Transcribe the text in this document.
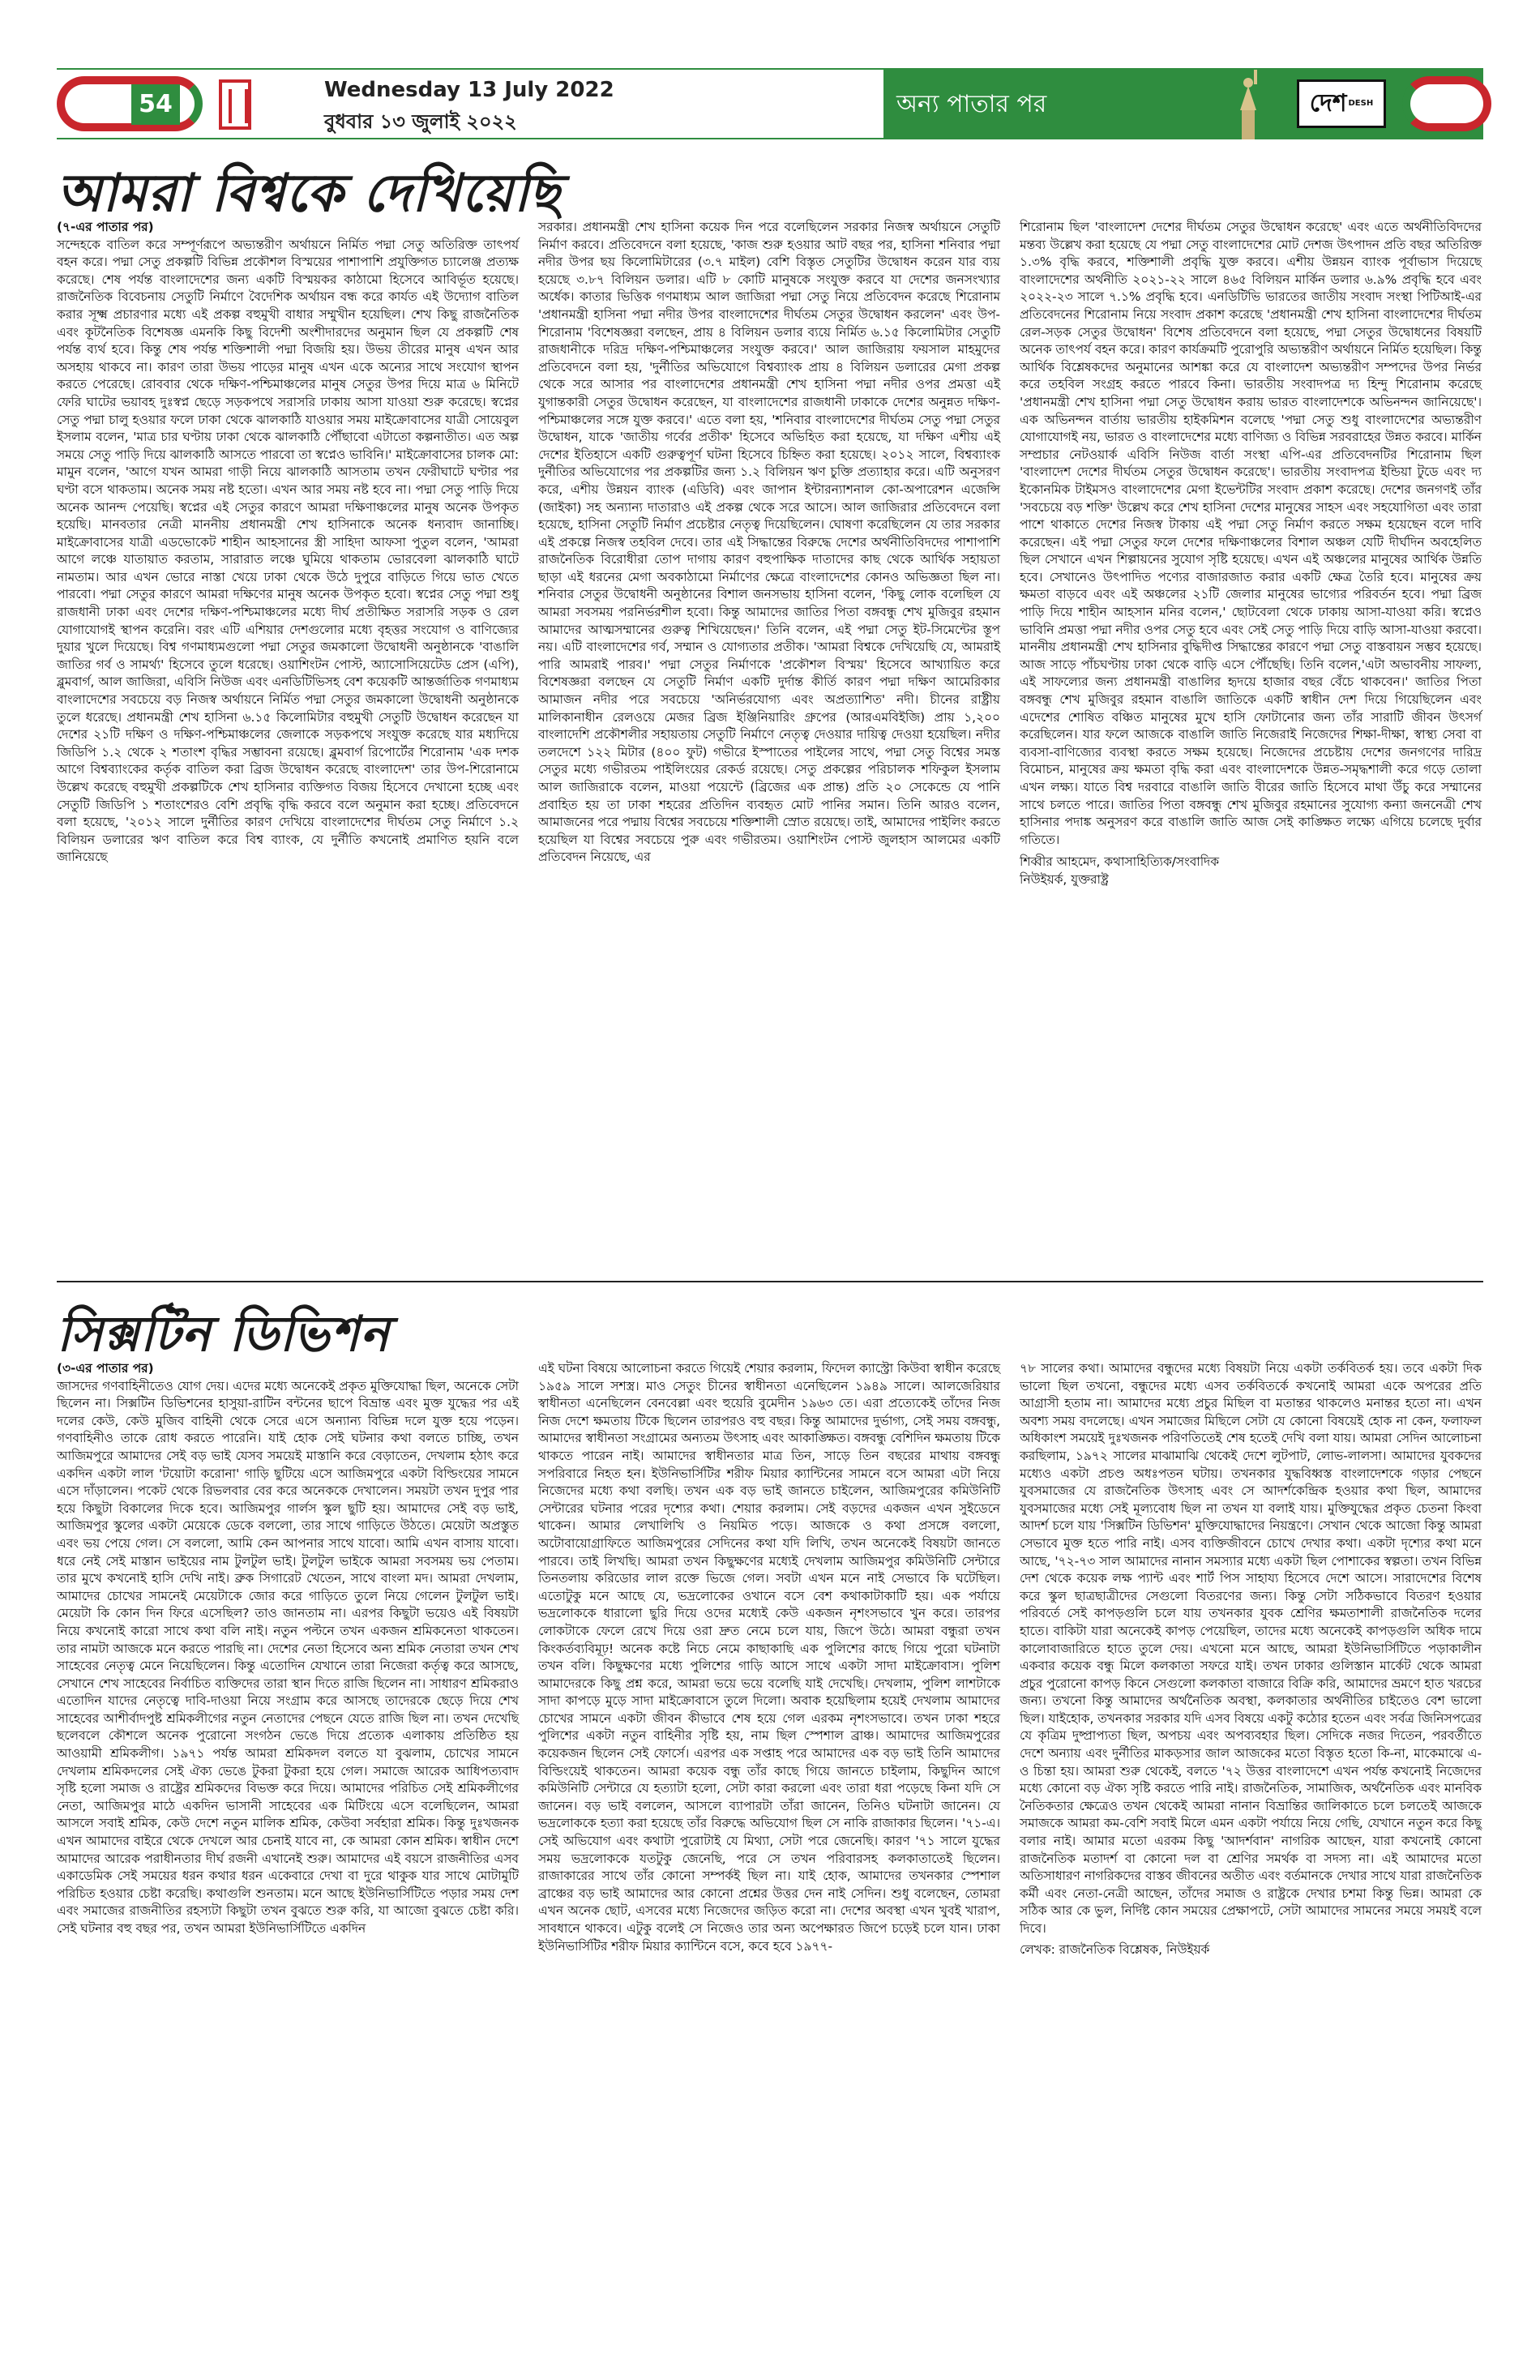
54	Wednesday 13 July 2022
বুধবার ১৩ জুলাই ২০২২
অন্য পাতার পর	দেশ DESH
আমরা বিশ্বকে দেখিয়েছি

(৭-এর পাতার পর)

সন্দেহকে বাতিল করে সম্পূর্ণরূপে অভ্যন্তরীণ অর্থায়নে নির্মিত পদ্মা সেতু অতিরিক্ত তাৎপর্য বহন করে। পদ্মা সেতু প্রকল্পটি বিভিন্ন প্রকৌশল বিস্ময়ের পাশাপাশি প্রযুক্তিগত চ্যালেঞ্জ প্রত্যক্ষ করেছে। শেষ পর্যন্ত বাংলাদেশের জন্য একটি বিস্ময়কর কাঠামো হিসেবে আবির্ভূত হয়েছে। রাজনৈতিক বিবেচনায় সেতুটি নির্মাণে বৈদেশিক অর্থায়ন বন্ধ করে কার্যত এই উদ্যোগ বাতিল করার সূক্ষ্ম প্রচারণার মধ্যে এই প্রকল্প বহুমুখী বাধার সম্মুখীন হয়েছিল। শেখ কিছু রাজনৈতিক এবং কূটনৈতিক বিশেষজ্ঞ এমনকি কিছু বিদেশী অংশীদারদের অনুমান ছিল যে প্রকল্পটি শেষ পর্যন্ত ব্যর্থ হবে। কিন্তু শেষ পর্যন্ত শক্তিশালী পদ্মা বিজয়ি হয়। উভয় তীরের মানুষ এখন আর অসহায় থাকবে না। কারণ তারা উভয় পাড়ের মানুষ এখন একে অন্যের সাথে সংযোগ স্থাপন করতে পেরেছে। রোববার থেকে দক্ষিণ-পশ্চিমাঞ্চলের মানুষ সেতুর উপর দিয়ে মাত্র ৬ মিনিটে ফেরি ঘাটের ভয়াবহ দুঃস্বপ্ন ছেড়ে সড়কপথে সরাসরি ঢাকায় আসা যাওয়া শুরু করেছে। স্বপ্নের সেতু পদ্মা চালু হওয়ার ফলে ঢাকা থেকে ঝালকাঠি যাওয়ার সময় মাইক্রোবাসের যাত্রী সোয়েবুল ইসলাম বলেন, 'মাত্র চার ঘণ্টায় ঢাকা থেকে ঝালকাঠি পৌঁছাবো এটাতো কল্পনাতীত। এত অল্প সময়ে সেতু পাড়ি দিয়ে ঝালকাঠি আসতে পারবো তা স্বপ্নেও ভাবিনি।' মাইক্রোবাসের চালক মো: মামুন বলেন, 'আগে যখন আমরা গাড়ী নিয়ে ঝালকাঠি আসতাম তখন ফেরীঘাটে ঘণ্টার পর ঘণ্টা বসে থাকতাম। অনেক সময় নষ্ট হতো। এখন আর সময় নষ্ট হবে না। পদ্মা সেতু পাড়ি দিয়ে অনেক আনন্দ পেয়েছি। স্বপ্নের এই সেতুর কারণে আমরা দক্ষিণাঞ্চলের মানুষ অনেক উপকৃত হয়েছি। মানবতার নেত্রী মাননীয় প্রধানমন্ত্রী শেখ হাসিনাকে অনেক ধন্যবাদ জানাচ্ছি। মাইক্রোবাসের যাত্রী এডভোকেট শাহীন আহসানের স্ত্রী সাহিদা আফসা পুতুল বলেন, 'আমরা আগে লঞ্চে যাতায়াত করতাম, সারারাত লঞ্চে ঘুমিয়ে থাকতাম ভোরবেলা ঝালকাঠি ঘাটে নামতাম। আর এখন ভোরে নাস্তা খেয়ে ঢাকা থেকে উঠে দুপুরে বাড়িতে গিয়ে ভাত খেতে পারবো। পদ্মা সেতুর কারণে আমরা দক্ষিণের মানুষ অনেক উপকৃত হবো। স্বপ্নের সেতু পদ্মা শুধু রাজধানী ঢাকা এবং দেশের দক্ষিণ-পশ্চিমাঞ্চলের মধ্যে দীর্ঘ প্রতীক্ষিত সরাসরি সড়ক ও রেল যোগাযোগই স্থাপন করেনি। বরং এটি এশিয়ার দেশগুলোর মধ্যে বৃহত্তর সংযোগ ও বাণিজ্যের দুয়ার খুলে দিয়েছে। বিশ্ব গণমাধ্যমগুলো পদ্মা সেতুর জমকালো উদ্বোধনী অনুষ্ঠানকে 'বাঙালি জাতির গর্ব ও সামর্থ্য' হিসেবে তুলে ধরেছে। ওয়াশিংটন পোস্ট, অ্যাসোসিয়েটেড প্রেস (এপি), ব্লুমবার্গ, আল জাজিরা, এবিসি নিউজ এবং এনডিটিভিসহ বেশ কয়েকটি আন্তর্জাতিক গণমাধ্যম বাংলাদেশের সবচেয়ে বড় নিজস্ব অর্থায়নে নির্মিত পদ্মা সেতুর জমকালো উদ্বোধনী অনুষ্ঠানকে তুলে ধরেছে। প্রধানমন্ত্রী শেখ হাসিনা ৬.১৫ কিলোমিটার বহুমুখী সেতুটি উদ্বোধন করেছেন যা দেশের ২১টি দক্ষিণ ও দক্ষিণ-পশ্চিমাঞ্চলের জেলাকে সড়কপথে সংযুক্ত করেছে যার মধ্যদিয়ে জিডিপি ১.২ থেকে ২ শতাংশ বৃদ্ধির সম্ভাবনা রয়েছে। ব্লুমবার্গ রিপোর্টের শিরোনাম 'এক দশক আগে বিশ্বব্যাংকের কর্তৃক বাতিল করা ব্রিজ উদ্বোধন করেছে বাংলাদেশ' তার উপ-শিরোনামে উল্লেখ করেছে বহুমুখী প্রকল্পটিকে শেখ হাসিনার ব্যক্তিগত বিজয় হিসেবে দেখানো হচ্ছে এবং সেতুটি জিডিপি ১ শতাংশেরও বেশি প্রবৃদ্ধি বৃদ্ধি করবে বলে অনুমান করা হচ্ছে। প্রতিবেদনে বলা হয়েছে, '২০১২ সালে দুর্নীতির কারণ দেখিয়ে বাংলাদেশের দীর্ঘতম সেতু নির্মাণে ১.২ বিলিয়ন ডলারের ঋণ বাতিল করে বিশ্ব ব্যাংক, যে দুর্নীতি কখনোই প্রমাণিত হয়নি বলে জানিয়েছে

সরকার। প্রধানমন্ত্রী শেখ হাসিনা কয়েক দিন পরে বলেছিলেন সরকার নিজস্ব অর্থায়নে সেতুটি নির্মাণ করবে। প্রতিবেদনে বলা হয়েছে, 'কাজ শুরু হওয়ার আট বছর পর, হাসিনা শনিবার পদ্মা নদীর উপর ছয় কিলোমিটারের (৩.৭ মাইল) বেশি বিস্তৃত সেতুটির উদ্বোধন করেন যার ব্যয় হয়েছে ৩.৮৭ বিলিয়ন ডলার। এটি ৮ কোটি মানুষকে সংযুক্ত করবে যা দেশের জনসংখ্যার অর্ধেক। কাতার ভিত্তিক গণমাধ্যম আল জাজিরা পদ্মা সেতু নিয়ে প্রতিবেদন করেছে শিরোনাম 'প্রধানমন্ত্রী হাসিনা পদ্মা নদীর উপর বাংলাদেশের দীর্ঘতম সেতুর উদ্বোধন করলেন' এবং উপ-শিরোনাম 'বিশেষজ্ঞরা বলছেন, প্রায় ৪ বিলিয়ন ডলার ব্যয়ে নির্মিত ৬.১৫ কিলোমিটার সেতুটি রাজধানীকে দরিদ্র দক্ষিণ-পশ্চিমাঞ্চলের সংযুক্ত করবে।' আল জাজিরায় ফয়সাল মাহমুদের প্রতিবেদনে বলা হয়, 'দুর্নীতির অভিযোগে বিশ্বব্যাংক প্রায় ৪ বিলিয়ন ডলারের মেগা প্রকল্প থেকে সরে আসার পর বাংলাদেশের প্রধানমন্ত্রী শেখ হাসিনা পদ্মা নদীর ওপর প্রমত্তা এই যুগান্তকারী সেতুর উদ্বোধন করেছেন, যা বাংলাদেশের রাজধানী ঢাকাকে দেশের অনুন্নত দক্ষিণ-পশ্চিমাঞ্চলের সঙ্গে যুক্ত করবে।' এতে বলা হয়, 'শনিবার বাংলাদেশের দীর্ঘতম সেতু পদ্মা সেতুর উদ্বোধন, যাকে 'জাতীয় গর্বের প্রতীক' হিসেবে অভিহিত করা হয়েছে, যা দক্ষিণ এশীয় এই দেশের ইতিহাসে একটি গুরুত্বপূর্ণ ঘটনা হিসেবে চিহ্নিত করা হয়েছে। ২০১২ সালে, বিশ্বব্যাংক দুর্নীতির অভিযোগের পর প্রকল্পটির জন্য ১.২ বিলিয়ন ঋণ চুক্তি প্রত্যাহার করে। এটি অনুসরণ করে, এশীয় উন্নয়ন ব্যাংক (এডিবি) এবং জাপান ইন্টারন্যাশনাল কো-অপারেশন এজেন্সি (জাইকা) সহ অন্যান্য দাতারাও এই প্রকল্প থেকে সরে আসে। আল জাজিরার প্রতিবেদনে বলা হয়েছে, হাসিনা সেতুটি নির্মাণ প্রচেষ্টার নেতৃত্ব দিয়েছিলেন। ঘোষণা করেছিলেন যে তার সরকার এই প্রকল্পে নিজস্ব তহবিল দেবে। তার এই সিদ্ধান্তের বিরুদ্ধে দেশের অর্থনীতিবিদদের পাশাপাশি রাজনৈতিক বিরোধীরা তোপ দাগায় কারণ বহুপাক্ষিক দাতাদের কাছ থেকে আর্থিক সহায়তা ছাড়া এই ধরনের মেগা অবকাঠামো নির্মাণের ক্ষেত্রে বাংলাদেশের কোনও অভিজ্ঞতা ছিল না। শনিবার সেতুর উদ্বোধনী অনুষ্ঠানের বিশাল জনসভায় হাসিনা বলেন, 'কিছু লোক বলেছিল যে আমরা সবসময় পরনির্ভরশীল হবো। কিন্তু আমাদের জাতির পিতা বঙ্গবন্ধু শেখ মুজিবুর রহমান আমাদের আত্মসম্মানের গুরুত্ব শিখিয়েছেন।' তিনি বলেন, এই পদ্মা সেতু ইট-সিমেন্টের স্তূপ নয়। এটি বাংলাদেশের গর্ব, সম্মান ও যোগ্যতার প্রতীক। 'আমরা বিশ্বকে দেখিয়েছি যে, আমরাই পারি আমরাই পারব।' পদ্মা সেতুর নির্মাণকে 'প্রকৌশল বিস্ময়' হিসেবে আখ্যায়িত করে বিশেষজ্ঞরা বলছেন যে সেতুটি নির্মাণ একটি দুর্দান্ত কীর্তি কারণ পদ্মা দক্ষিণ আমেরিকার আমাজন নদীর পরে সবচেয়ে 'অনির্ভরযোগ্য এবং অপ্রত্যাশিত' নদী। চীনের রাষ্ট্রীয় মালিকানাধীন রেলওয়ে মেজর ব্রিজ ইঞ্জিনিয়ারিং গ্রুপের (আরএমবিইজি) প্রায় ১,২০০ বাংলাদেশি প্রকৌশলীর সহায়তায় সেতুটি নির্মাণে নেতৃত্ব দেওয়ার দায়িত্ব দেওয়া হয়েছিল। নদীর তলদেশে ১২২ মিটার (৪০০ ফুট) গভীরে ইস্পাতের পাইলের সাথে, পদ্মা সেতু বিশ্বের সমস্ত সেতুর মধ্যে গভীরতম পাইলিংয়ের রেকর্ড রয়েছে। সেতু প্রকল্পের পরিচালক শফিকুল ইসলাম আল জাজিরাকে বলেন, মাওয়া পয়েন্টে (ব্রিজের এক প্রান্ত) প্রতি ২০ সেকেন্ডে যে পানি প্রবাহিত হয় তা ঢাকা শহরের প্রতিদিন ব্যবহৃত মোট পানির সমান। তিনি আরও বলেন, আমাজনের পরে পদ্মায় বিশ্বের সবচেয়ে শক্তিশালী স্রোত রয়েছে। তাই, আমাদের পাইলিং করতে হয়েছিল যা বিশ্বের সবচেয়ে পুরু এবং গভীরতম। ওয়াশিংটন পোস্ট জুলহাস আলমের একটি প্রতিবেদন নিয়েছে, এর

শিরোনাম ছিল 'বাংলাদেশ দেশের দীর্ঘতম সেতুর উদ্বোধন করেছে' এবং এতে অর্থনীতিবিদদের মন্তব্য উল্লেখ করা হয়েছে যে পদ্মা সেতু বাংলাদেশের মোট দেশজ উৎপাদন প্রতি বছর অতিরিক্ত ১.৩% বৃদ্ধি করবে, শক্তিশালী প্রবৃদ্ধি যুক্ত করবে। এশীয় উন্নয়ন ব্যাংক পূর্বাভাস দিয়েছে বাংলাদেশের অর্থনীতি ২০২১-২২ সালে ৪৬৫ বিলিয়ন মার্কিন ডলার ৬.৯% প্রবৃদ্ধি হবে এবং ২০২২-২৩ সালে ৭.১% প্রবৃদ্ধি হবে। এনডিটিভি ভারতের জাতীয় সংবাদ সংস্থা পিটিআই-এর প্রতিবেদনের শিরোনাম নিয়ে সংবাদ প্রকাশ করেছে 'প্রধানমন্ত্রী শেখ হাসিনা বাংলাদেশের দীর্ঘতম রেল-সড়ক সেতুর উদ্বোধন' বিশেষ প্রতিবেদনে বলা হয়েছে, পদ্মা সেতুর উদ্বোধনের বিষয়টি অনেক তাৎপর্য বহন করে। কারণ কার্যক্রমটি পুরোপুরি অভ্যন্তরীণ অর্থায়নে নির্মিত হয়েছিল। কিন্তু আর্থিক বিশ্লেষকদের অনুমানের আশঙ্কা করে যে বাংলাদেশ অভ্যন্তরীণ সম্পদের উপর নির্ভর করে তহবিল সংগ্রহ করতে পারবে কিনা। ভারতীয় সংবাদপত্র দ্য হিন্দু শিরোনাম করেছে 'প্রধানমন্ত্রী শেখ হাসিনা পদ্মা সেতু উদ্বোধন করায় ভারত বাংলাদেশকে অভিনন্দন জানিয়েছে'। এক অভিনন্দন বার্তায় ভারতীয় হাইকমিশন বলেছে 'পদ্মা সেতু শুধু বাংলাদেশের অভ্যন্তরীণ যোগাযোগই নয়, ভারত ও বাংলাদেশের মধ্যে বাণিজ্য ও বিভিন্ন সরবরাহের উন্নত করবে। মার্কিন সম্প্রচার নেটওয়ার্ক এবিসি নিউজ বার্তা সংস্থা এপি-এর প্রতিবেদনটির শিরোনাম ছিল 'বাংলাদেশ দেশের দীর্ঘতম সেতুর উদ্বোধন করেছে'। ভারতীয় সংবাদপত্র ইন্ডিয়া টুডে এবং দ্য ইকোনমিক টাইমসও বাংলাদেশের মেগা ইভেন্টটির সংবাদ প্রকাশ করেছে। দেশের জনগণই তাঁর 'সবচেয়ে বড় শক্তি' উল্লেখ করে শেখ হাসিনা দেশের মানুষের সাহস এবং সহযোগিতা এবং তারা পাশে থাকাতে দেশের নিজস্ব টাকায় এই পদ্মা সেতু নির্মাণ করতে সক্ষম হয়েছেন বলে দাবি করেছেন। এই পদ্মা সেতুর ফলে দেশের দক্ষিণাঞ্চলের বিশাল অঞ্চল যেটি দীর্ঘদিন অবহেলিত ছিল সেখানে এখন শিল্পায়নের সুযোগ সৃষ্টি হয়েছে। এখন এই অঞ্চলের মানুষের আর্থিক উন্নতি হবে। সেখানেও উৎপাদিত পণ্যের বাজারজাত করার একটি ক্ষেত্র তৈরি হবে। মানুষের ক্রয় ক্ষমতা বাড়বে এবং এই অঞ্চলের ২১টি জেলার মানুষের ভাগ্যের পরিবর্তন হবে। পদ্মা ব্রিজ পাড়ি দিয়ে শাহীন আহসান মনির বলেন,' ছোটবেলা থেকে ঢাকায় আসা-যাওয়া করি। স্বপ্নেও ভাবিনি প্রমত্তা পদ্মা নদীর ওপর সেতু হবে এবং সেই সেতু পাড়ি দিয়ে বাড়ি আসা-যাওয়া করবো। মাননীয় প্রধানমন্ত্রী শেখ হাসিনার বুদ্ধিদীপ্ত সিদ্ধান্তের কারণে পদ্মা সেতু বাস্তবায়ন সম্ভব হয়েছে। আজ সাড়ে পাঁচঘণ্টায় ঢাকা থেকে বাড়ি এসে পৌঁছেছি। তিনি বলেন,'এটা অভাবনীয় সাফল্য, এই সাফল্যের জন্য প্রধানমন্ত্রী বাঙালির হৃদয়ে হাজার বছর বেঁচে থাকবেন।' জাতির পিতা বঙ্গবন্ধু শেখ মুজিবুর রহমান বাঙালি জাতিকে একটি স্বাধীন দেশ দিয়ে গিয়েছিলেন এবং এদেশের শোষিত বঞ্চিত মানুষের মুখে হাসি ফোটানোর জন্য তাঁর সারাটি জীবন উৎসর্গ করেছিলেন। যার ফলে আজকে বাঙালি জাতি নিজেরাই নিজেদের শিক্ষা-দীক্ষা, স্বাস্থ্য সেবা বা ব্যবসা-বাণিজ্যের ব্যবস্থা করতে সক্ষম হয়েছে। নিজেদের প্রচেষ্টায় দেশের জনগণের দারিদ্র বিমোচন, মানুষের ক্রয় ক্ষমতা বৃদ্ধি করা এবং বাংলাদেশকে উন্নত-সমৃদ্ধশালী করে গড়ে তোলা এখন লক্ষ্য। যাতে বিশ্ব দরবারে বাঙালি জাতি বীরের জাতি হিসেবে মাথা উঁচু করে সম্মানের সাথে চলতে পারে। জাতির পিতা বঙ্গবন্ধু শেখ মুজিবুর রহমানের সুযোগ্য কন্যা জননেত্রী শেখ হাসিনার পদাঙ্ক অনুসরণ করে বাঙালি জাতি আজ সেই কাঙ্ক্ষিত লক্ষ্যে এগিয়ে চলেছে দুর্বার গতিতে।

শিব্বীর আহমেদ, কথাসাহিত্যিক/সংবাদিক

নিউইয়র্ক, যুক্তরাষ্ট্র

সিক্সটিন ডিভিশন

(৩-এর পাতার পর)

জাসদের গণবাহিনীতেও যোগ দেয়। এদের মধ্যে অনেকেই প্রকৃত মুক্তিযোদ্ধা ছিল, অনেকে সেটা ছিলেন না। সিক্সটিন ডিভিশনের হাসুয়া-রাটিন বন্টনের ছাপে বিভ্রান্ত এবং মুক্ত যুদ্ধের পর এই দলের কেউ, কেউ মুজিব বাহিনী থেকে সেরে এসে অন্যান্য বিভিন্ন দলে যুক্ত হয়ে পড়েন। গণবাহিনীও তাকে রোধ করতে পারেনি। যাই হোক সেই ঘটনার কথা বলতে চাচ্ছি, তখন আজিমপুরে আমাদের সেই বড় ভাই যেসব সময়েই মাস্তানি করে বেড়াতেন, দেখলাম হঠাৎ করে একদিন একটা লাল 'টয়োটা করোনা' গাড়ি ছুটিয়ে এসে আজিমপুরে একটা বিল্ডিংয়ের সামনে এসে দাঁড়ালেন। পকেট থেকে রিভলবার বের করে অনেককে দেখালেন। সময়টা তখন দুপুর পার হয়ে কিছুটা বিকালের দিকে হবে। আজিমপুর গার্লস স্কুল ছুটি হয়। আমাদের সেই বড় ভাই, আজিমপুর স্কুলের একটা মেয়েকে ডেকে বললো, তার সাথে গাড়িতে উঠতে। মেয়েটা অপ্রস্তুত এবং ভয় পেয়ে গেল। সে বললো, আমি কেন আপনার সাথে যাবো। আমি এখন বাসায় যাবো। ধরে নেই সেই মাস্তান ভাইয়ের নাম টুলটুল ভাই। টুলটুল ভাইকে আমরা সবসময় ভয় পেতাম। তার মুখে কখনোই হাসি দেখি নাই। ব্রুক সিগারেট খেতেন, সাথে বাংলা মদ। আমরা দেখলাম, আমাদের চোখের সামনেই মেয়েটাকে জোর করে গাড়িতে তুলে নিয়ে গেলেন টুলটুল ভাই। মেয়েটা কি কোন দিন ফিরে এসেছিল? তাও জানতাম না। এরপর কিছুটা ভয়েও এই বিষয়টা নিয়ে কখনোই কারো সাথে কথা বলি নাই। নতুন পল্টনে তখন একজন শ্রমিকনেতা থাকতেন। তার নামটা আজকে মনে করতে পারছি না। দেশের নেতা হিসেবে অন্য শ্রমিক নেতারা তখন শেখ সাহেবের নেতৃত্ব মেনে নিয়েছিলেন। কিন্তু এতোদিন যেখানে তারা নিজেরা কর্তৃত্ব করে আসছে, সেখানে শেখ সাহেবের নির্বাচিত ব্যক্তিদের তারা স্থান দিতে রাজি ছিলেন না। সাধারণ শ্রমিকরাও এতোদিন যাদের নেতৃত্বে দাবি-দাওয়া নিয়ে সংগ্রাম করে আসছে তাদেরকে ছেড়ে দিয়ে শেখ সাহেবের আশীর্বাদপুষ্ট শ্রমিকলীগের নতুন নেতাদের পেছনে যেতে রাজি ছিল না। তখন দেখেছি ছলেবলে কৌশলে অনেক পুরোনো সংগঠন ভেঙে দিয়ে প্রত্যেক এলাকায় প্রতিষ্ঠিত হয় আওয়ামী শ্রমিকলীগ। ১৯৭১ পর্যন্ত আমরা শ্রমিকদল বলতে যা বুঝলাম, চোখের সামনে দেখলাম শ্রমিকদলের সেই ঐক্য ভেঙে টুকরা টুকরা হয়ে গেল। সমাজে আরেক আধিপত্যবাদ সৃষ্টি হলো সমাজ ও রাষ্ট্রের শ্রমিকদের বিভক্ত করে দিয়ে। আমাদের পরিচিত সেই শ্রমিকলীগের নেতা, আজিমপুর মাঠে একদিন ভাসানী সাহেবের এক মিটিংয়ে এসে বলেছিলেন, আমরা আসলে সবাই শ্রমিক, কেউ দেশে নতুন মালিক শ্রমিক, কেউবা সর্বহারা শ্রমিক। কিন্তু দুঃখজনক এখন আমাদের বাইরে থেকে দেখলে আর চেনাই যাবে না, কে আমরা কোন শ্রমিক। স্বাধীন দেশে আমাদের আরেক পরাধীনতার দীর্ঘ রজনী এখানেই শুরু। আমাদের এই বয়সে রাজনীতির এসব একাডেমিক সেই সময়ের ধরন কথার ধরন একেবারে দেখা বা দুরে থাকুক যার সাথে মোটামুটি পরিচিত হওয়ার চেষ্টা করেছি। কথাগুলি শুনতাম। মনে আছে ইউনিভার্সিটিতে পড়ার সময় দেশ এবং সমাজের রাজনীতির রহস্যটা কিছুটা তখন বুঝতে শুরু করি, যা আজো বুঝতে চেষ্টা করি। সেই ঘটনার বহু বছর পর, তখন আমরা ইউনিভার্সিটিতে একদিন

এই ঘটনা বিষয়ে আলোচনা করতে গিয়েই শেয়ার করলাম, ফিদেল ক্যাস্ট্রো কিউবা স্বাধীন করেছে ১৯৫৯ সালে সশস্ত্র। মাও সেতুং চীনের স্বাধীনতা এনেছিলেন ১৯৪৯ সালে। আলজেরিয়ার স্বাধীনতা এনেছিলেন বেনবেল্লা এবং হুয়েরি বুমেদীন ১৯৬৩ তে। এরা প্রত্যেকেই তাঁদের নিজ নিজ দেশে ক্ষমতায় টিকে ছিলেন তারপরও বহু বছর। কিন্তু আমাদের দুর্ভাগ্য, সেই সময় বঙ্গবন্ধু, আমাদের স্বাধীনতা সংগ্রামের অন্যতম উৎসাহ এবং আকাঙ্ক্ষিত। বঙ্গবন্ধু বেশিদিন ক্ষমতায় টিকে থাকতে পারেন নাই। আমাদের স্বাধীনতার মাত্র তিন, সাড়ে তিন বছরের মাথায় বঙ্গবন্ধু সপরিবারে নিহত হন। ইউনিভার্সিটির শরীফ মিয়ার ক্যান্টিনের সামনে বসে আমরা এটা নিয়ে নিজেদের মধ্যে কথা বলছি। তখন এক বড় ভাই জানতে চাইলেন, আজিমপুরের কমিউনিটি সেন্টারের ঘটনার পরের দৃশ্যের কথা। শেয়ার করলাম। সেই বড়দের একজন এখন সুইডেনে থাকেন। আমার লেখালিখি ও নিয়মিত পড়ে। আজকে ও কথা প্রসঙ্গে বললো, অটোবায়োগ্রাফিতে আজিমপুরের সেদিনের কথা যদি লিখি, তখন অনেকেই বিষয়টা জানতে পারবে। তাই লিখছি। আমরা তখন কিছুক্ষণের মধ্যেই দেখলাম আজিমপুর কমিউনিটি সেন্টারে তিনতলায় করিডোর লাল রক্তে ভিজে গেল। সবটা এখন মনে নাই সেভাবে কি ঘটেছিল। এতোটুকু মনে আছে যে, ভদ্রলোকের ওখানে বসে বেশ কথাকাটাকাটি হয়। এক পর্যায়ে ভদ্রলোককে ধারালো ছুরি দিয়ে ওদের মধ্যেই কেউ একজন নৃশংসভাবে খুন করে। তারপর লোকটাকে ফেলে রেখে দিয়ে ওরা দ্রুত নেমে চলে যায়, জিপে উঠে। আমরা বন্ধুরা তখন কিংকর্তব্যবিমূঢ়! অনেক কষ্টে নিচে নেমে কাছাকাছি এক পুলিশের কাছে গিয়ে পুরো ঘটনাটা তখন বলি। কিছুক্ষণের মধ্যে পুলিশের গাড়ি আসে সাথে একটা সাদা মাইক্রোবাস। পুলিশ আমাদেরকে কিছু প্রশ্ন করে, আমরা ভয়ে ভয়ে বলেছি যাই দেখেছি। দেখলাম, পুলিশ লাশটাকে সাদা কাপড়ে মুড়ে সাদা মাইক্রোবাসে তুলে দিলো। অবাক হয়েছিলাম হয়েই দেখলাম আমাদের চোখের সামনে একটা জীবন কীভাবে শেষ হয়ে গেল এরকম নৃশংসভাবে। তখন ঢাকা শহরে পুলিশের একটা নতুন বাহিনীর সৃষ্টি হয়, নাম ছিল স্পেশাল ব্রাঞ্চ। আমাদের আজিমপুরের কয়েকজন ছিলেন সেই ফোর্সে। এরপর এক সপ্তাহ পরে আমাদের এক বড় ভাই তিনি আমাদের বিল্ডিংয়েই থাকতেন। আমরা কয়েক বন্ধু তাঁর কাছে গিয়ে জানতে চাইলাম, কিছুদিন আগে কমিউনিটি সেন্টারে যে হত্যাটা হলো, সেটা কারা করলো এবং তারা ধরা পড়েছে কিনা যদি সে জানেন। বড় ভাই বললেন, আসলে ব্যাপারটা তাঁরা জানেন, তিনিও ঘটনাটা জানেন। যে ভদ্রলোককে হত্যা করা হয়েছে তাঁর বিরুদ্ধে অভিযোগ ছিল সে নাকি রাজাকার ছিলেন। '৭১-এ। সেই অভিযোগ এবং কথাটা পুরোটাই যে মিথ্যা, সেটা পরে জেনেছি। কারণ '৭১ সালে যুদ্ধের সময় ভদ্রলোককে যতটুকু জেনেছি, পরে সে তখন পরিবারসহ কলকাতাতেই ছিলেন। রাজাকারের সাথে তাঁর কোনো সম্পর্কই ছিল না। যাই হোক, আমাদের তখনকার স্পেশাল ব্রাঞ্চের বড় ভাই আমাদের আর কোনো প্রশ্নের উত্তর দেন নাই সেদিন। শুধু বলেছেন, তোমরা এখন অনেক ছোট, এসবের মধ্যে নিজেদের জড়িত করো না। দেশের অবস্থা এখন খুবই খারাপ, সাবধানে থাকবে। এটুকু বলেই সে নিজেও তার অন্য অপেক্ষারত জিপে চড়েই চলে যান। ঢাকা ইউনিভার্সিটির শরীফ মিয়ার ক্যান্টিনে বসে, কবে হবে ১৯৭৭-

৭৮ সালের কথা। আমাদের বন্ধুদের মধ্যে বিষয়টা নিয়ে একটা তর্কবিতর্ক হয়। তবে একটা দিক ভালো ছিল তখনো, বন্ধুদের মধ্যে এসব তর্কবিতর্কে কখনোই আমরা একে অপরের প্রতি আগ্রাসী হতাম না। আমাদের মধ্যে প্রচুর মিছিল বা মতান্তর থাকলেও মনান্তর হতো না। এখন অবশ্য সময় বদলেছে। এখন সমাজের মিছিলে সেটা যে কোনো বিষয়েই হোক না কেন, ফলাফল অধিকাংশ সময়েই দুঃখজনক পরিণতিতেই শেষ হতেই দেখি বলা যায়। আমরা সেদিন আলোচনা করছিলাম, ১৯৭২ সালের মাঝামাঝি থেকেই দেশে লুটপাট, লোভ-লালসা। আমাদের যুবকদের মধ্যেও একটা প্রচণ্ড অধঃপতন ঘটায়। তখনকার যুদ্ধবিধ্বস্ত বাংলাদেশকে গড়ার পেছনে যুবসমাজের যে রাজনৈতিক উৎসাহ এবং সে আদর্শকেন্দ্রিক হওয়ার কথা ছিল, আমাদের যুবসমাজের মধ্যে সেই মূল্যবোধ ছিল না তখন যা বলাই যায়। মুক্তিযুদ্ধের প্রকৃত চেতনা কিংবা আদর্শ চলে যায় 'সিক্সটিন ডিভিশন' মুক্তিযোদ্ধাদের নিয়ন্ত্রণে। সেখান থেকে আজো কিন্তু আমরা সেভাবে মুক্ত হতে পারি নাই। এসব ব্যক্তিজীবনে চোখে দেখার কথা। একটা দৃশ্যের কথা মনে আছে, '৭২-৭৩ সাল আমাদের নানান সমস্যার মধ্যে একটা ছিল পোশাকের স্বল্পতা। তখন বিভিন্ন দেশ থেকে কয়েক লক্ষ প্যান্ট এবং শার্ট পিস সাহায্য হিসেবে দেশে আসে। সারাদেশের বিশেষ করে স্কুল ছাত্রছাত্রীদের সেগুলো বিতরণের জন্য। কিন্তু সেটা সঠিকভাবে বিতরণ হওয়ার পরিবর্তে সেই কাপড়গুলি চলে যায় তখনকার যুবক শ্রেণির ক্ষমতাশালী রাজনৈতিক দলের হাতে। বাকিটা যারা অনেকেই কাপড় পেয়েছিল, তাদের মধ্যে অনেকেই কাপড়গুলি অধিক দামে কালোবাজারিতে হাতে তুলে দেয়। এখনো মনে আছে, আমরা ইউনিভার্সিটিতে পড়াকালীন একবার কয়েক বন্ধু মিলে কলকাতা সফরে যাই। তখন ঢাকার গুলিস্তান মার্কেট থেকে আমরা প্রচুর পুরোনো কাপড় কিনে সেগুলো কলকাতা বাজারে বিক্রি করি, আমাদের ভ্রমণে হাত খরচের জন্য। তখনো কিন্তু আমাদের অর্থনৈতিক অবস্থা, কলকাতার অর্থনীতির চাইতেও বেশ ভালো ছিল। যাইহোক, তখনকার সরকার যদি এসব বিষয়ে একটু কঠোর হতেন এবং সর্বত্র জিনিসপত্রের যে কৃত্রিম দুষ্প্রাপ্যতা ছিল, অপচয় এবং অপব্যবহার ছিল। সেদিকে নজর দিতেন, পরবর্তীতে দেশে অন্যায় এবং দুর্নীতির মাকড়সার জাল আজকের মতো বিস্তৃত হতো কি-না, মাকেমাঝে এ-ও চিন্তা হয়। আমরা শুরু থেকেই, বলতে '৭২ উত্তর বাংলাদেশে এখন পর্যন্ত কখনোই নিজেদের মধ্যে কোনো বড় ঐক্য সৃষ্টি করতে পারি নাই। রাজনৈতিক, সামাজিক, অর্থনৈতিক এবং মানবিক নৈতিকতার ক্ষেত্রেও তখন থেকেই আমরা নানান বিভ্রান্তির জালিকাতে চলে চলতেই আজকে সমাজকে আমরা কম-বেশি সবাই মিলে এমন একটা পর্যায়ে নিয়ে গেছি, যেখানে নতুন করে কিছু বলার নাই। আমার মতো এরকম কিছু 'আদর্শবান' নাগরিক আছেন, যারা কখনোই কোনো রাজনৈতিক মতাদর্শ বা কোনো দল বা শ্রেণির সমর্থক বা সদস্য না। এই আমাদের মতো অতিসাধারণ নাগরিকদের বাস্তব জীবনের অতীত এবং বর্তমানকে দেখার সাথে যারা রাজনৈতিক কর্মী এবং নেতা-নেত্রী আছেন, তাঁদের সমাজ ও রাষ্ট্রকে দেখার চশমা কিন্তু ভিন্ন। আমরা কে সঠিক আর কে ভুল, নির্দিষ্ট কোন সময়ের প্রেক্ষাপটে, সেটা আমাদের সামনের সময়ে সময়ই বলে দিবে।

লেখক: রাজনৈতিক বিশ্লেষক, নিউইয়র্ক
